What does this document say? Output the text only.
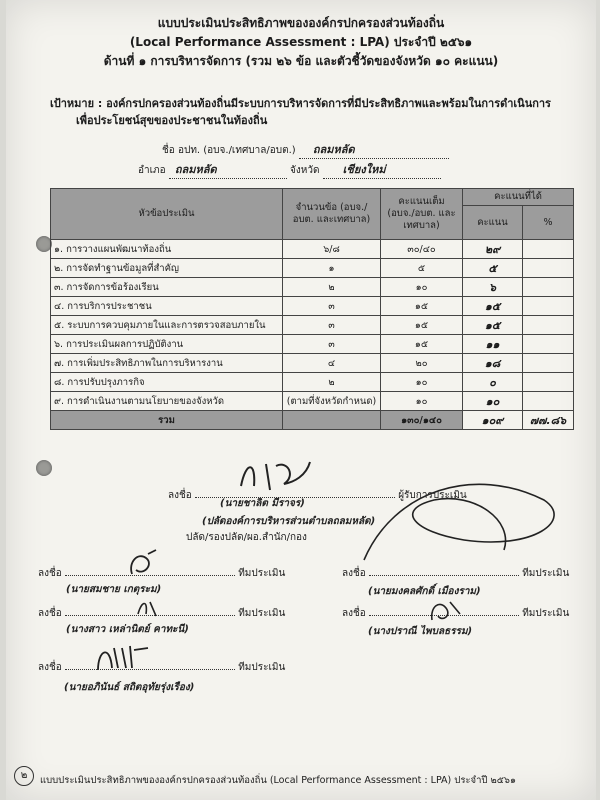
แบบประเมินประสิทธิภาพขององค์กรปกครองส่วนท้องถิ่น
(Local Performance Assessment : LPA) ประจำปี ๒๕๖๑
ด้านที่ ๑ การบริหารจัดการ (รวม ๒๖ ข้อ และตัวชี้วัดของจังหวัด ๑๐ คะแนน)
เป้าหมาย : องค์กรปกครองส่วนท้องถิ่นมีระบบการบริหารจัดการที่มีประสิทธิภาพและพร้อมในการดำเนินการ
เพื่อประโยชน์สุขของประชาชนในท้องถิ่น
ชื่อ อปท. (อบจ./เทศบาล/อบต.) ถลมหลัด
อำเภอ ถลมหลัด	จังหวัด เชียงใหม่
หัวข้อประเมิน	จำนวนข้อ (อบจ./อบต. และเทศบาล)	คะแนนเต็ม (อบจ./อบต. และเทศบาล)	คะแนนที่ได้	
			คะแนน	%
๑. การวางแผนพัฒนาท้องถิ่น	๖/๘	๓๐/๔๐	๒๙	
๒. การจัดทำฐานข้อมูลที่สำคัญ	๑	๕	๕	
๓. การจัดการข้อร้องเรียน	๒	๑๐	๖	
๔. การบริการประชาชน	๓	๑๕	๑๕	
๕. ระบบการควบคุมภายในและการตรวจสอบภายใน	๓	๑๕	๑๕	
๖. การประเมินผลการปฏิบัติงาน	๓	๑๕	๑๑	
๗. การเพิ่มประสิทธิภาพในการบริหารงาน	๔	๒๐	๑๘	
๘. การปรับปรุงภารกิจ	๒	๑๐	๐	
๙. การดำเนินงานตามนโยบายของจังหวัด	(ตามที่จังหวัดกำหนด)	๑๐	๑๐	
รวม		๑๓๐/๑๔๐	๑๐๙	๗๗.๘๖
ลงชื่อ	ผู้รับการประเมิน
(นายชาลิต มีราจร)
(ปลัดองค์การบริหารส่วนตำบลถลมหลัด)
ปลัด/รองปลัด/ผอ.สำนัก/กอง
ลงชื่อ	ทีมประเมิน
(นายสมชาย เกตุระม)
ลงชื่อ	ทีมประเมิน
(นายมงคลศักดิ์ เมืองราม)
ลงชื่อ	ทีมประเมิน
(นางสาว เหล่านิตย์ คาทะนี)
ลงชื่อ	ทีมประเมิน
(นางปราณี ไพบลธรรม)
ลงชื่อ	ทีมประเมิน
(นายอภินันธ์ สถิตอุทัยรุ่งเรือง)
๒	แบบประเมินประสิทธิภาพขององค์กรปกครองส่วนท้องถิ่น (Local Performance Assessment : LPA) ประจำปี ๒๕๖๑
